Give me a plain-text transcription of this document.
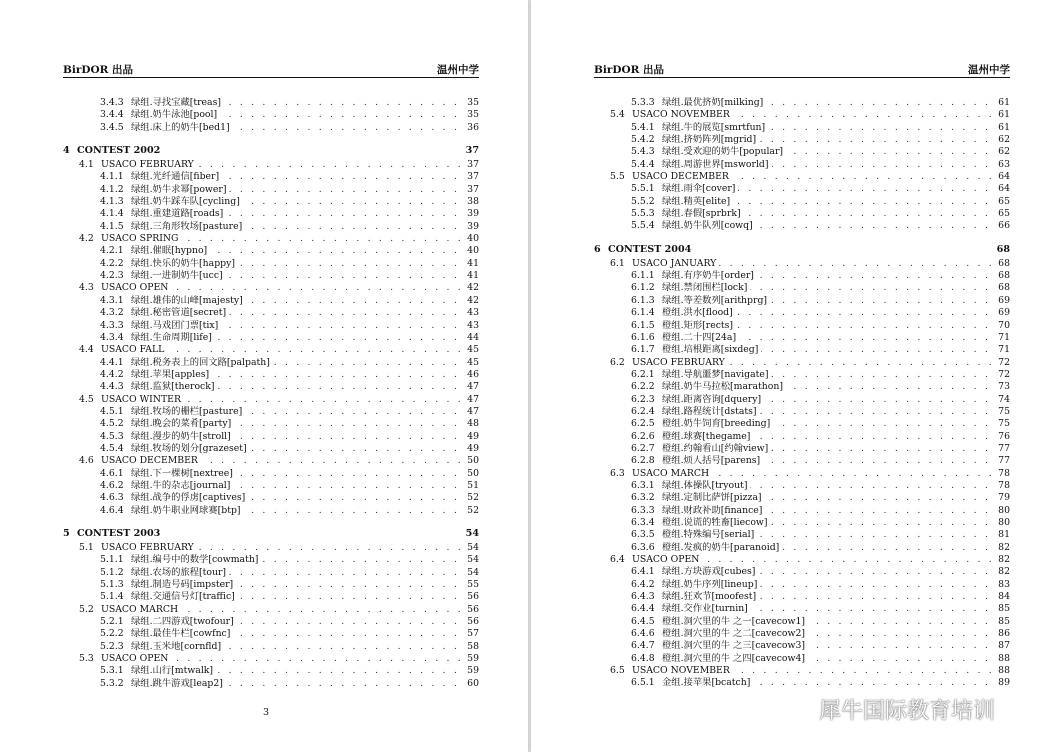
BirDOR 出品	温州中学
3.4.3 绿组.寻找宝藏[treas] . .	35
3.4.4 绿组.奶牛泳池[pool] . .	35
3.4.5 绿组.床上的奶牛[bed1] . .	36
4 CONTEST 2002	37
4.1 USACO FEBRUARY . .	37
4.1.1 绿组.光纤通信[fiber] . .	37
4.1.2 绿组.奶牛求幂[power] . .	37
4.1.3 绿组.奶牛踩车队[cycling] . .	38
4.1.4 绿组.重建道路[roads] . .	39
4.1.5 绿组.三角形牧场[pasture] . .	39
4.2 USACO SPRING . .	40
4.2.1 绿组.催眠[hypno] . .	40
4.2.2 绿组.快乐的奶牛[happy] . .	41
4.2.3 绿组.一进制奶牛[ucc] . .	41
4.3 USACO OPEN . .	42
4.3.1 绿组.雄伟的山峰[majesty] . .	42
4.3.2 绿组.秘密管道[secret] . .	43
4.3.3 绿组.马戏团门票[tix] . .	43
4.3.4 绿组.生命周期[life] . .	44
4.4 USACO FALL . .	45
4.4.1 绿组.税务表上的回文路[palpath] . .	45
4.4.2 绿组.苹果[apples] . .	46
4.4.3 绿组.监狱[therock] . .	47
4.5 USACO WINTER . .	47
4.5.1 绿组.牧场的栅栏[pasture] . .	47
4.5.2 绿组.晚会的菜肴[party] . .	48
4.5.3 绿组.漫步的奶牛[stroll] . .	49
4.5.4 绿组.牧场的划分[grazeset] . .	49
4.6 USACO DECEMBER . .	50
4.6.1 绿组.下一棵树[nextree] . .	50
4.6.2 绿组.牛的杂志[journal] . .	51
4.6.3 绿组.战争的俘虏[captives] . .	52
4.6.4 绿组.奶牛职业网球赛[btp] . .	52
5 CONTEST 2003	54
5.1 USACO FEBRUARY . .	54
5.1.1 绿组.编号中的数学[cowmath] . .	54
5.1.2 绿组.农场的旅程[tour] . .	54
5.1.3 绿组.制造号码[impster] . .	55
5.1.4 绿组.交通信号灯[traffic] . .	56
5.2 USACO MARCH . .	56
5.2.1 绿组.二四游戏[twofour] . .	56
5.2.2 绿组.最佳牛栏[cowfnc] . .	57
5.2.3 绿组.玉米地[cornfld] . .	58
5.3 USACO OPEN . .	59
5.3.1 绿组.山行[mtwalk] . .	59
5.3.2 绿组.跳牛游戏[leap2] . .	60
3
BirDOR 出品	温州中学
5.3.3 绿组.最优挤奶[milking] . .	61
5.4 USACO NOVEMBER . .	61
5.4.1 绿组.牛的展览[smrtfun] . .	61
5.4.2 绿组.挤奶阵列[mgrid] . .	62
5.4.3 绿组.受欢迎的奶牛[popular] . .	62
5.4.4 绿组.周游世界[msworld] . .	63
5.5 USACO DECEMBER . .	64
5.5.1 绿组.雨伞[cover] . .	64
5.5.2 绿组.精英[elite] . .	65
5.5.3 绿组.春假[sprbrk] . .	65
5.5.4 绿组.奶牛队列[cowq] . .	66
6 CONTEST 2004	68
6.1 USACO JANUARY . .	68
6.1.1 绿组.有序奶牛[order] . .	68
6.1.2 绿组.禁闭围栏[lock] . .	68
6.1.3 绿组.等差数列[arithprg] . .	69
6.1.4 橙组.洪水[flood] . .	69
6.1.5 橙组.矩形[rects] . .	70
6.1.6 橙组.二十四[24a] . .	71
6.1.7 橙组.培根距离[sixdeg] . .	71
6.2 USACO FEBRUARY . .	72
6.2.1 绿组.导航噩梦[navigate] . .	72
6.2.2 绿组.奶牛马拉松[marathon] . .	73
6.2.3 绿组.距离咨询[dquery] . .	74
6.2.4 绿组.路程统计[dstats] . .	75
6.2.5 橙组.奶牛饲育[breeding] . .	75
6.2.6 橙组.球赛[thegame] . .	76
6.2.7 橙组.约翰看山[约翰view] . .	77
6.2.8 橙组.烦人括号[parens] . .	77
6.3 USACO MARCH . .	78
6.3.1 绿组.体操队[tryout] . .	78
6.3.2 绿组.定制比萨饼[pizza] . .	79
6.3.3 绿组.财政补助[finance] . .	80
6.3.4 橙组.说谎的牲畜[liecow] . .	80
6.3.5 橙组.特殊编号[serial] . .	81
6.3.6 橙组.发疯的奶牛[paranoid] . .	82
6.4 USACO OPEN . .	82
6.4.1 绿组.方块游戏[cubes] . .	82
6.4.2 绿组.奶牛序列[lineup] . .	83
6.4.3 绿组.狂欢节[moofest] . .	84
6.4.4 绿组.交作业[turnin] . .	85
6.4.5 橙组.洞穴里的牛 之一[cavecow1] . .	85
6.4.6 橙组.洞穴里的牛 之二[cavecow2] . .	86
6.4.7 橙组.洞穴里的牛 之三[cavecow3] . .	87
6.4.8 橙组.洞穴里的牛 之四[cavecow4] . .	88
6.5 USACO NOVEMBER . .	88
6.5.1 金组.接苹果[bcatch] . .	89
犀牛国际教育培训
